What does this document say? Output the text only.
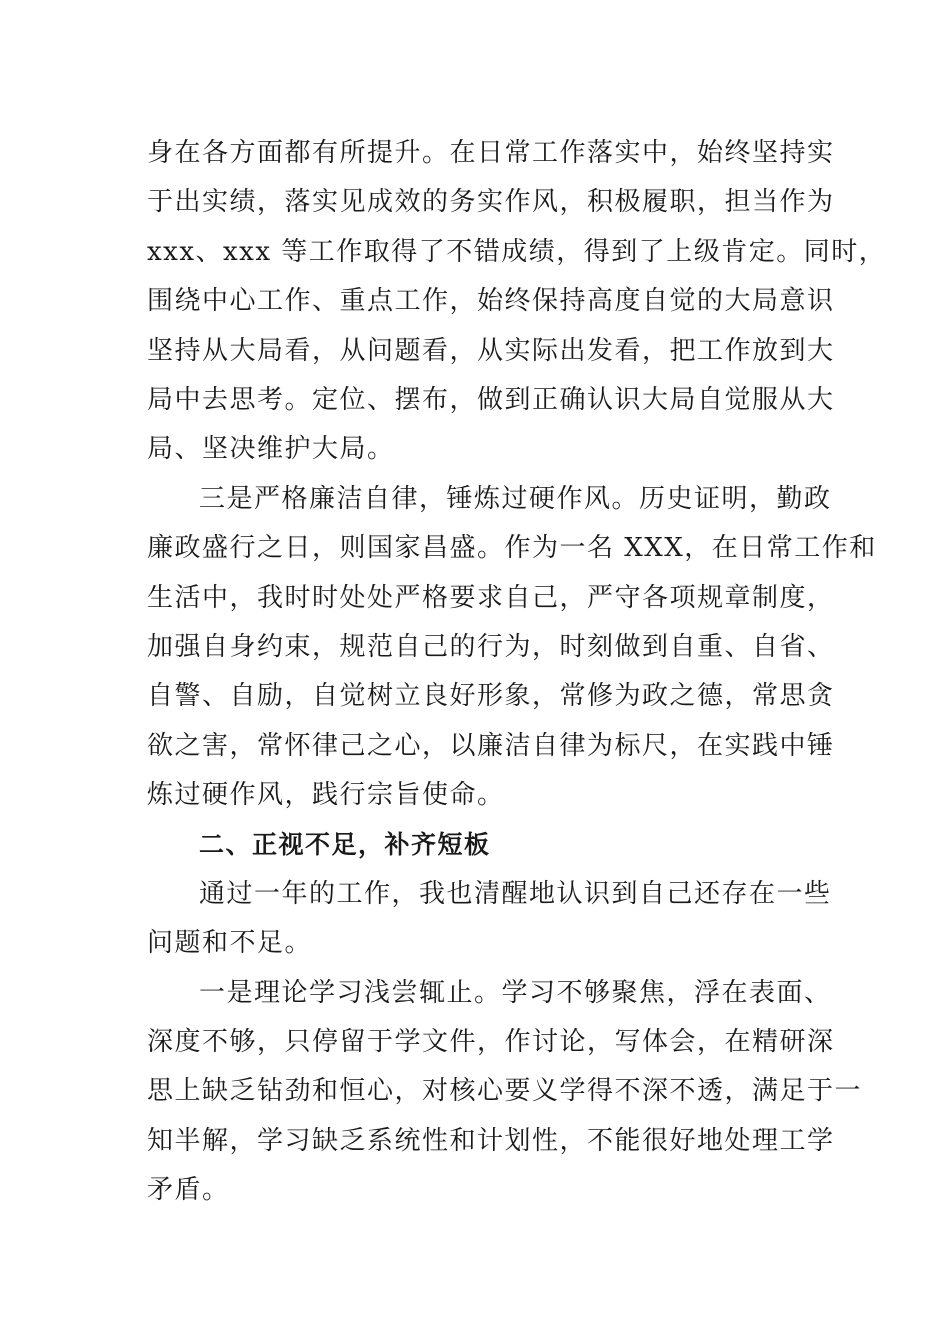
身在各方面都有所提升。在日常工作落实中，始终坚持实
于出实绩，落实见成效的务实作风，积极履职，担当作为
xxx、xxx 等工作取得了不错成绩，得到了上级肯定。同时，
围绕中心工作、重点工作，始终保持高度自觉的大局意识
坚持从大局看，从问题看，从实际出发看，把工作放到大
局中去思考。定位、摆布，做到正确认识大局自觉服从大
局、坚决维护大局。
三是严格廉洁自律，锤炼过硬作风。历史证明，勤政
廉政盛行之日，则国家昌盛。作为一名 XXX，在日常工作和
生活中，我时时处处严格要求自己，严守各项规章制度，
加强自身约束，规范自己的行为，时刻做到自重、自省、
自警、自励，自觉树立良好形象，常修为政之德，常思贪
欲之害，常怀律己之心，以廉洁自律为标尺，在实践中锤
炼过硬作风，践行宗旨使命。
二、正视不足，补齐短板
通过一年的工作，我也清醒地认识到自己还存在一些
问题和不足。
一是理论学习浅尝辄止。学习不够聚焦，浮在表面、
深度不够，只停留于学文件，作讨论，写体会，在精研深
思上缺乏钻劲和恒心，对核心要义学得不深不透，满足于一
知半解，学习缺乏系统性和计划性，不能很好地处理工学
矛盾。
